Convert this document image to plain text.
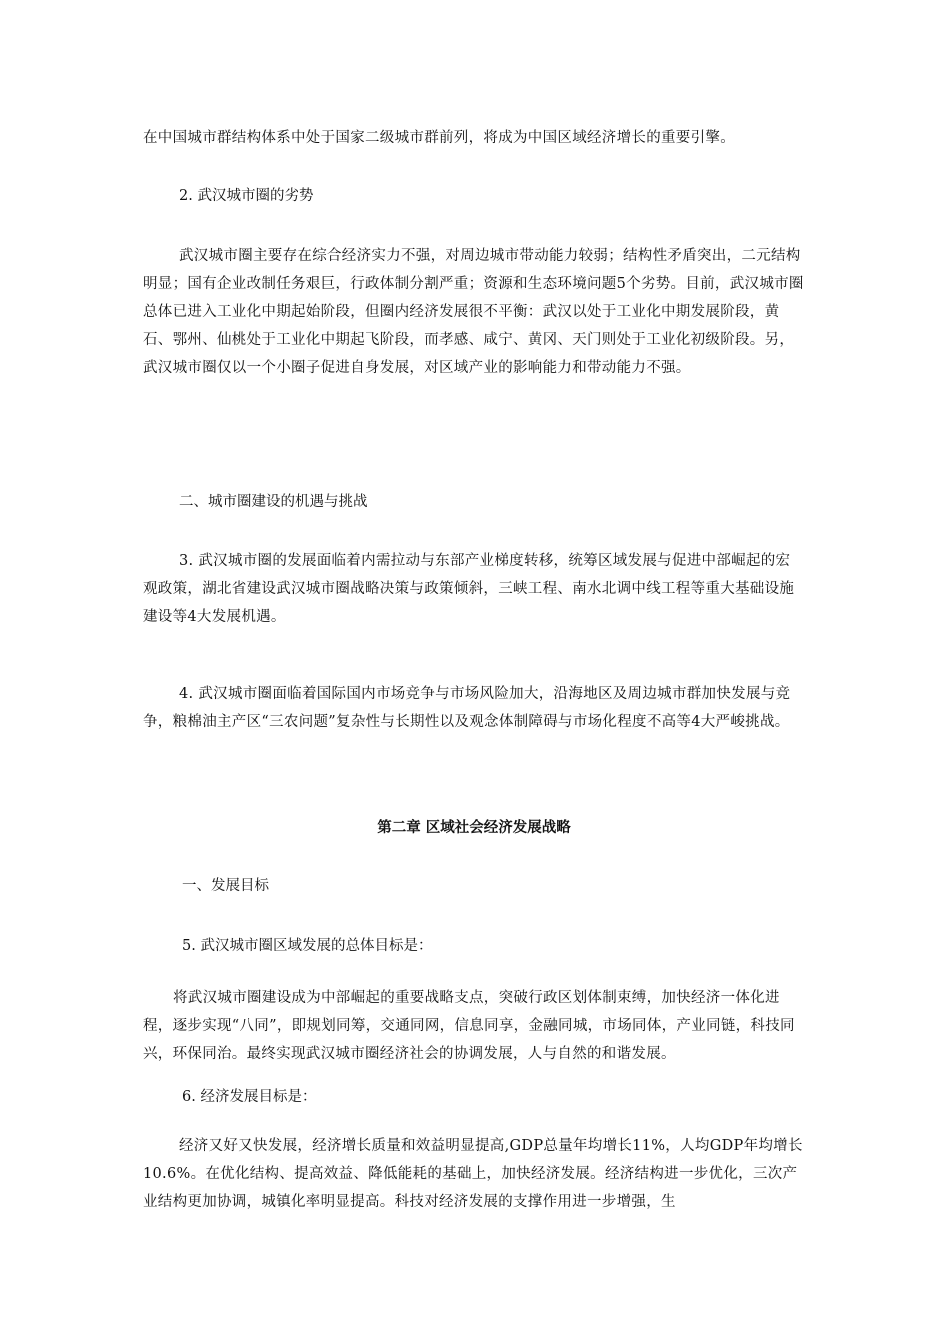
在中国城市群结构体系中处于国家二级城市群前列，将成为中国区域经济增长的重要引擎。

2. 武汉城市圈的劣势

武汉城市圈主要存在综合经济实力不强，对周边城市带动能力较弱；结构性矛盾突出，二元结构明显；国有企业改制任务艰巨，行政体制分割严重；资源和生态环境问题5个劣势。目前，武汉城市圈总体已进入工业化中期起始阶段，但圈内经济发展很不平衡：武汉以处于工业化中期发展阶段，黄石、鄂州、仙桃处于工业化中期起飞阶段，而孝感、咸宁、黄冈、天门则处于工业化初级阶段。另，武汉城市圈仅以一个小圈子促进自身发展，对区域产业的影响能力和带动能力不强。

二、城市圈建设的机遇与挑战

3. 武汉城市圈的发展面临着内需拉动与东部产业梯度转移，统筹区域发展与促进中部崛起的宏观政策，湖北省建设武汉城市圈战略决策与政策倾斜，三峡工程、南水北调中线工程等重大基础设施建设等4大发展机遇。

4. 武汉城市圈面临着国际国内市场竞争与市场风险加大，沿海地区及周边城市群加快发展与竞争，粮棉油主产区“三农问题”复杂性与长期性以及观念体制障碍与市场化程度不高等4大严峻挑战。

第二章 区域社会经济发展战略

一、发展目标

5. 武汉城市圈区域发展的总体目标是：

将武汉城市圈建设成为中部崛起的重要战略支点，突破行政区划体制束缚，加快经济一体化进程，逐步实现“八同”，即规划同筹，交通同网，信息同享，金融同城，市场同体，产业同链，科技同兴，环保同治。最终实现武汉城市圈经济社会的协调发展，人与自然的和谐发展。

6. 经济发展目标是：

经济又好又快发展，经济增长质量和效益明显提高,GDP总量年均增长11%，人均GDP年均增长10.6%。在优化结构、提高效益、降低能耗的基础上，加快经济发展。经济结构进一步优化，三次产业结构更加协调，城镇化率明显提高。科技对经济发展的支撑作用进一步增强，生
